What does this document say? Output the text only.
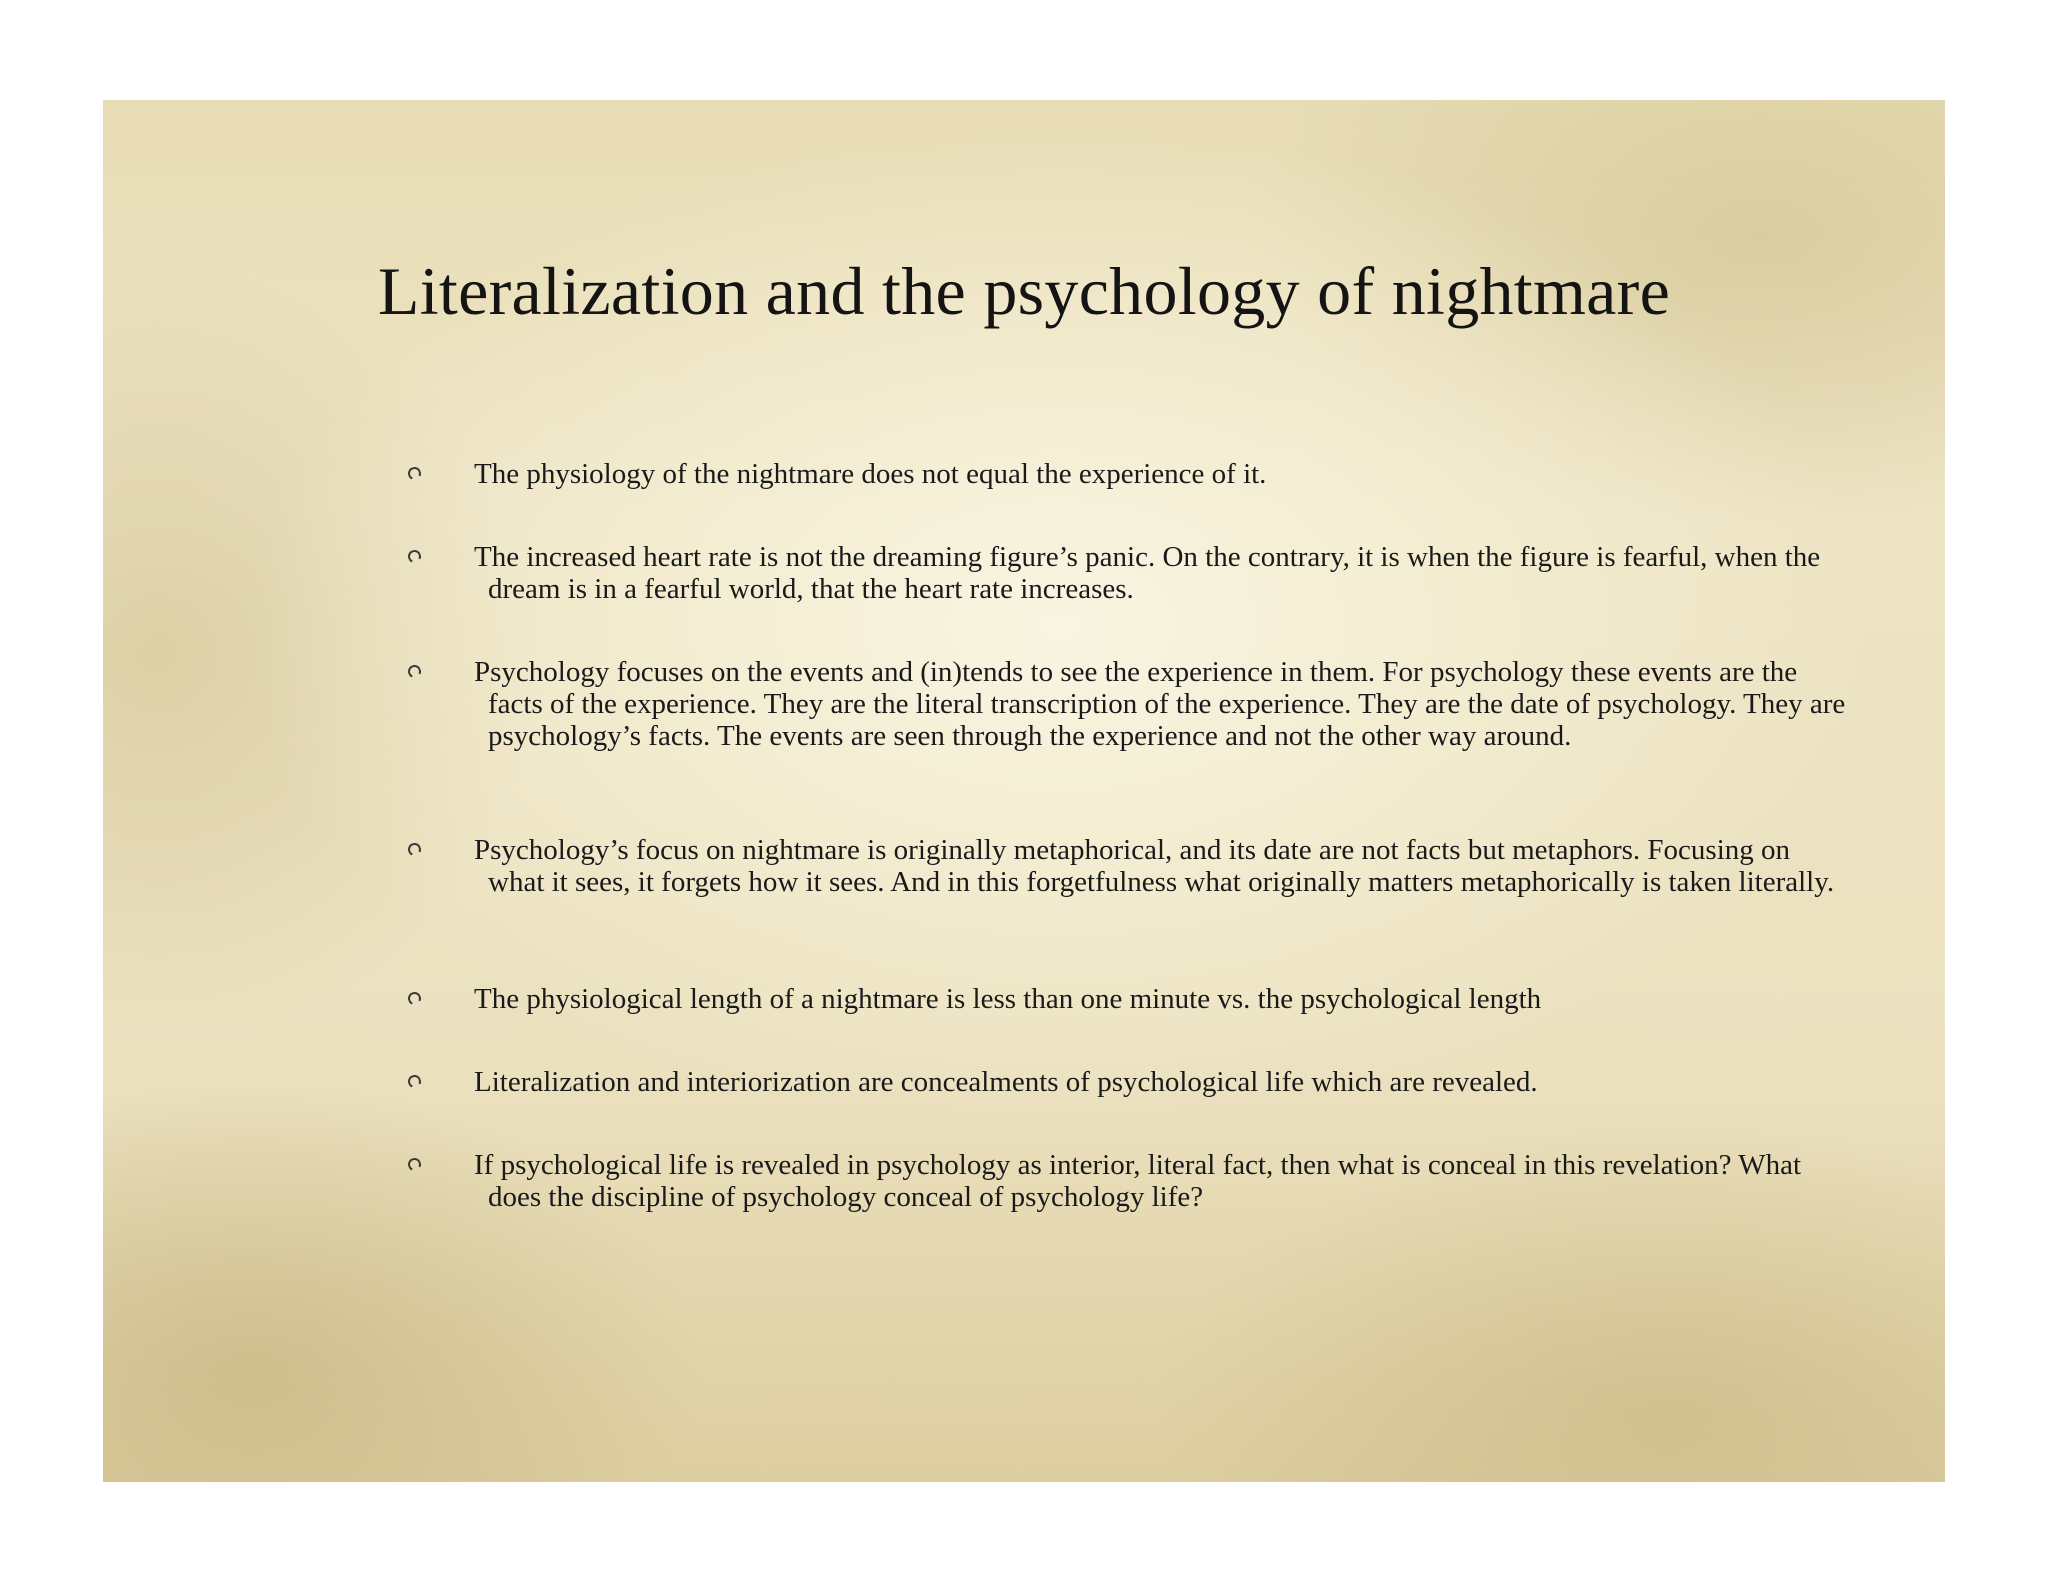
Literalization and the psychology of nightmare
The physiology of the nightmare does not equal the experience of it.
The increased heart rate is not the dreaming figure’s panic. On the contrary, it is when the figure is fearful, when the dream is in a fearful world, that the heart rate increases.
Psychology focuses on the events and (in)tends to see the experience in them. For psychology these events are the facts of the experience. They are the literal transcription of the experience. They are the date of psychology. They are psychology’s facts. The events are seen through the experience and not the other way around.
Psychology’s focus on nightmare is originally metaphorical, and its date are not facts but metaphors. Focusing on what it sees, it forgets how it sees. And in this forgetfulness what originally matters metaphorically is taken literally.
The physiological length of a nightmare is less than one minute vs. the psychological length
Literalization and interiorization are concealments of psychological life which are revealed.
If psychological life is revealed in psychology as interior, literal fact, then what is conceal in this revelation? What does the discipline of psychology conceal of psychology life?
